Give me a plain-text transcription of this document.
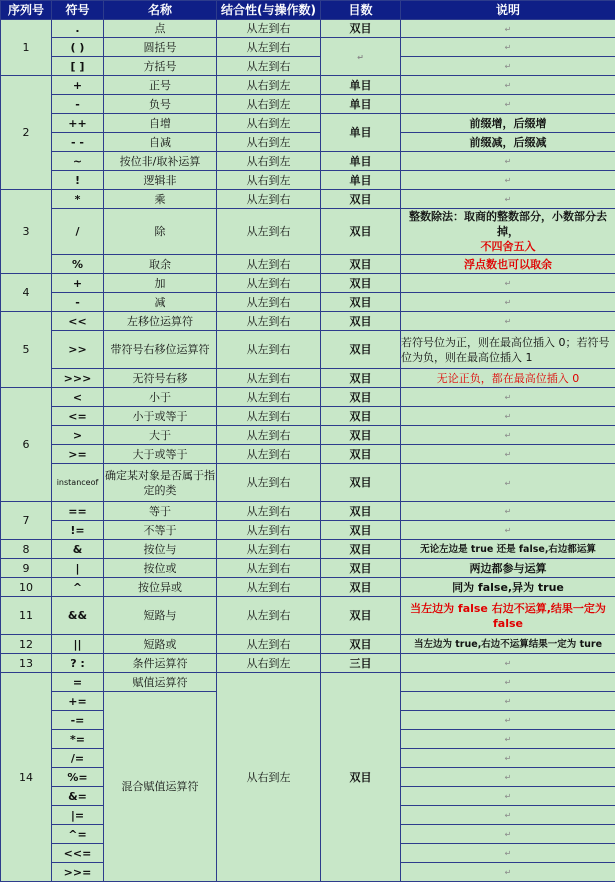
序列号	符号	名称	结合性(与操作数)	目数	说明
1	.	点	从左到右	双目	↵
	( )	圆括号	从左到右	↵	↵
	[ ]	方括号	从左到右		↵
2	+	正号	从右到左	单目	↵
	-	负号	从右到左	单目	↵
	++	自增	从右到左	单目	前缀增，后缀增
	- -	自减	从右到左		前缀减，后缀减
	~	按位非/取补运算	从右到左	单目	↵
	!	逻辑非	从右到左	单目	↵
3	*	乘	从左到右	双目	↵
	/	除	从左到右	双目	整数除法：取商的整数部分，小数部分去掉，
不四舍五入

	%	取余	从左到右	双目	浮点数也可以取余
4	+	加	从左到右	双目	↵
	-	减	从左到右	双目	↵
5	<<	左移位运算符	从左到右	双目	↵
	>>	带符号右移位运算符	从左到右	双目	若符号位为正，则在最高位插入 0；若符号位为负，则在最高位插入 1
	>>>	无符号右移	从左到右	双目	无论正负，都在最高位插入 0
6	<	小于	从左到右	双目	↵
	<=	小于或等于	从左到右	双目	↵
	>	大于	从左到右	双目	↵
	>=	大于或等于	从左到右	双目	↵
	instanceof	确定某对象是否属于指定的类	从左到右	双目	↵
7	==	等于	从左到右	双目	↵
	!=	不等于	从左到右	双目	↵
8	&	按位与	从左到右	双目	无论左边是 true 还是 false,右边都运算
9	|	按位或	从左到右	双目	两边都参与运算
10	^	按位异或	从左到右	双目	同为 false,异为 true
11	&&	短路与	从左到右	双目	当左边为 false 右边不运算,结果一定为 false
12	||	短路或	从左到右	双目	当左边为 true,右边不运算结果一定为 ture
13	? :	条件运算符	从右到左	三目	↵
14	=	赋值运算符	从右到左	双目	↵
	+=	混合赋值运算符			↵
	-=				↵
	*=				↵
	/=				↵
	%=				↵
	&=				↵
	|=				↵
	^=				↵
	<<=				↵
	>>=				↵
